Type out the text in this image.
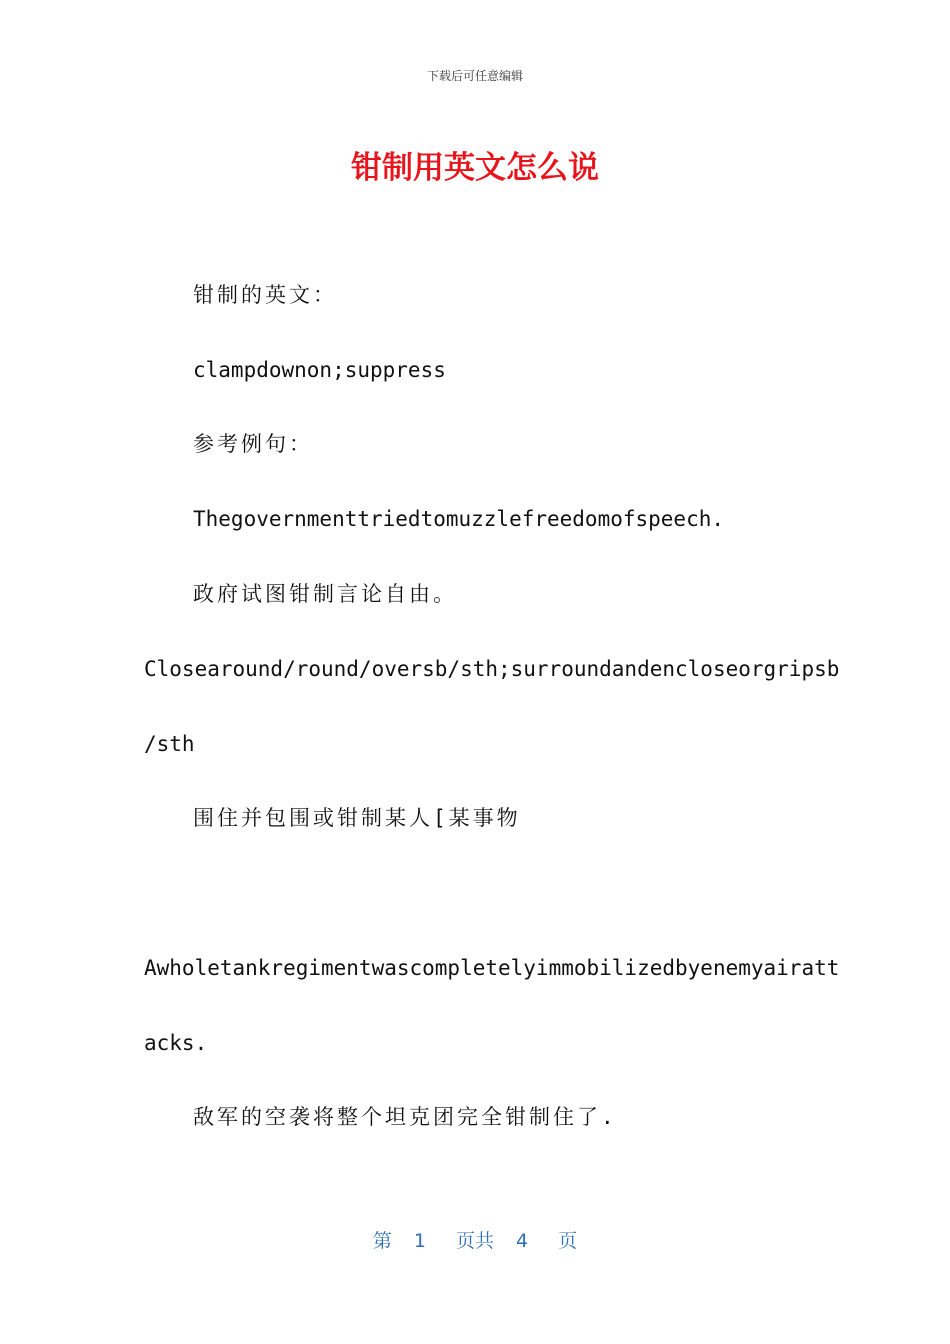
下载后可任意编辑
钳制用英文怎么说
钳制的英文：
clampdownon;suppress
参考例句：
Thegovernmenttriedtomuzzlefreedomofspeech.
政府试图钳制言论自由。
Closearound/round/oversb/sth;surroundandencloseorgripsb
/sth
围住并包围或钳制某人[某事物
Awholetankregimentwascompletelyimmobilizedbyenemyairatt
acks.
敌军的空袭将整个坦克团完全钳制住了.
第 1 页共 4 页
